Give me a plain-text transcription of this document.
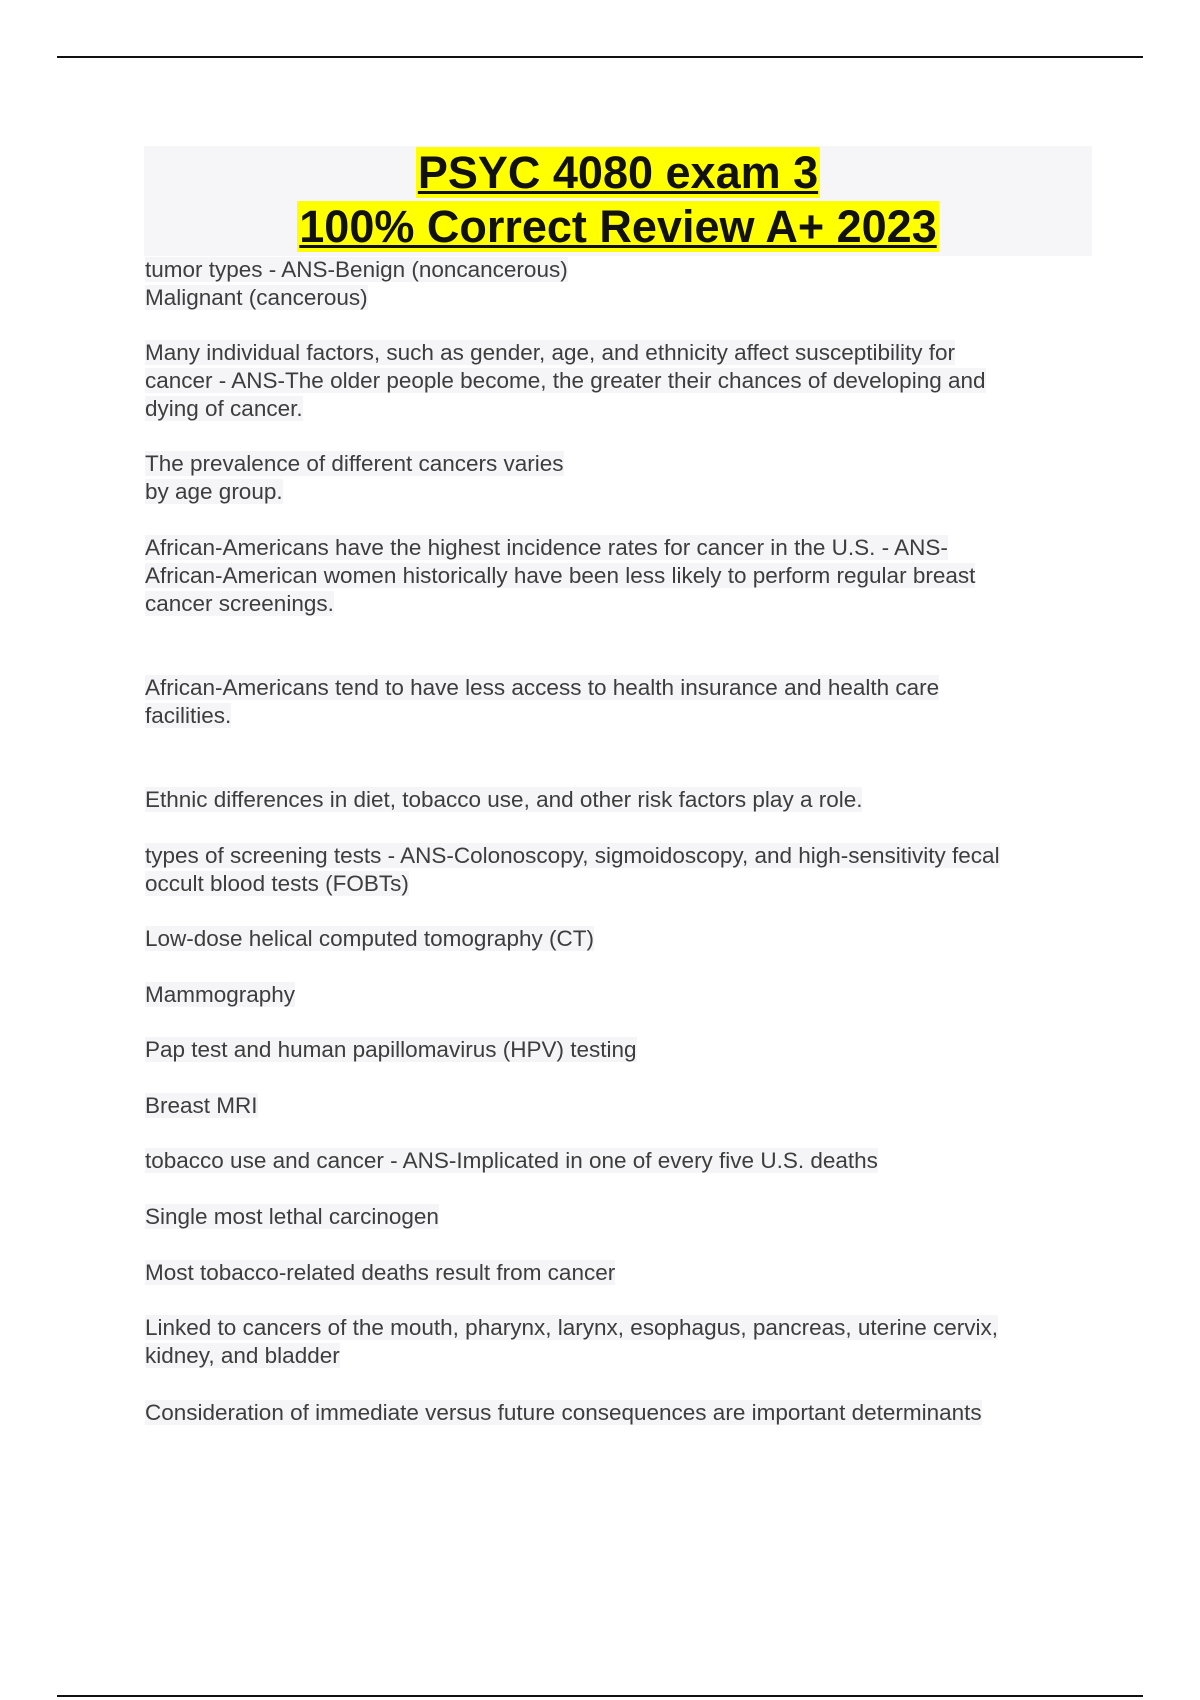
PSYC 4080 exam 3
100% Correct Review A+ 2023
tumor types - ANS-Benign (noncancerous)
Malignant (cancerous)
Many individual factors, such as gender, age, and ethnicity affect susceptibility for
cancer - ANS-The older people become, the greater their chances of developing and
dying of cancer.
The prevalence of different cancers varies
by age group.
African-Americans have the highest incidence rates for cancer in the U.S. - ANS-
African-American women historically have been less likely to perform regular breast
cancer screenings.
African-Americans tend to have less access to health insurance and health care
facilities.
Ethnic differences in diet, tobacco use, and other risk factors play a role.
types of screening tests - ANS-Colonoscopy, sigmoidoscopy, and high-sensitivity fecal
occult blood tests (FOBTs)
Low-dose helical computed tomography (CT)
Mammography
Pap test and human papillomavirus (HPV) testing
Breast MRI
tobacco use and cancer - ANS-Implicated in one of every five U.S. deaths
Single most lethal carcinogen
Most tobacco-related deaths result from cancer
Linked to cancers of the mouth, pharynx, larynx, esophagus, pancreas, uterine cervix,
kidney, and bladder
Consideration of immediate versus future consequences are important determinants
